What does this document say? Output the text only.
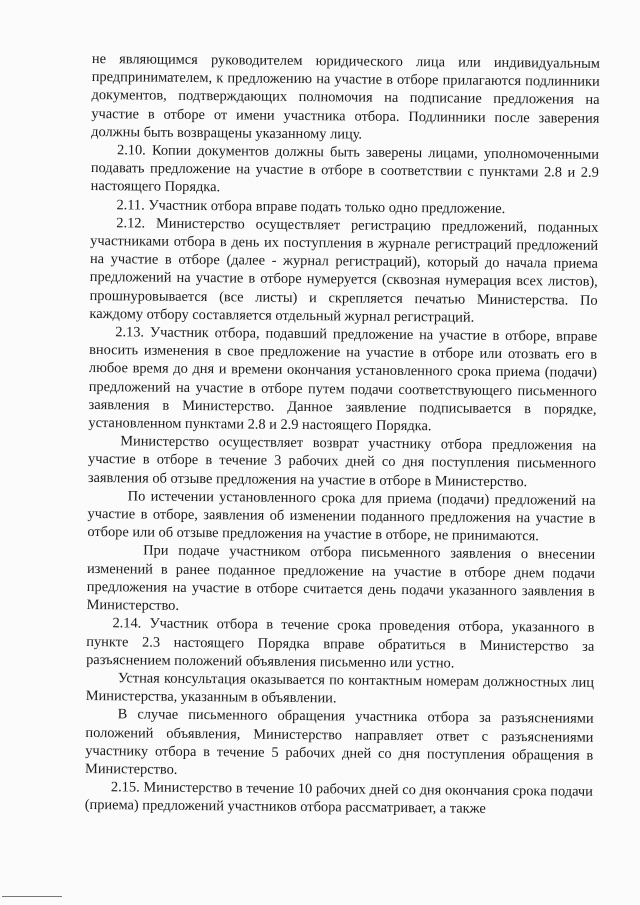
не являющимся руководителем юридического лица или индивидуальным предпринимателем, к предложению на участие в отборе прилагаются подлинники документов, подтверждающих полномочия на подписание предложения на участие в отборе от имени участника отбора. Подлинники после заверения должны быть возвращены указанному лицу.

2.10. Копии документов должны быть заверены лицами, уполномоченными подавать предложение на участие в отборе в соответствии с пунктами 2.8 и 2.9 настоящего Порядка.

2.11. Участник отбора вправе подать только одно предложение.

2.12. Министерство осуществляет регистрацию предложений, поданных участниками отбора в день их поступления в журнале регистраций предложений на участие в отборе (далее - журнал регистраций), который до начала приема предложений на участие в отборе нумеруется (сквозная нумерация всех листов), прошнуровывается (все листы) и скрепляется печатью Министерства. По каждому отбору составляется отдельный журнал регистраций.

2.13. Участник отбора, подавший предложение на участие в отборе, вправе вносить изменения в свое предложение на участие в отборе или отозвать его в любое время до дня и времени окончания установленного срока приема (подачи) предложений на участие в отборе путем подачи соответствующего письменного заявления в Министерство. Данное заявление подписывается в порядке, установленном пунктами 2.8 и 2.9 настоящего Порядка.

Министерство осуществляет возврат участнику отбора предложения на участие в отборе в течение 3 рабочих дней со дня поступления письменного заявления об отзыве предложения на участие в отборе в Министерство.

По истечении установленного срока для приема (подачи) предложений на участие в отборе, заявления об изменении поданного предложения на участие в отборе или об отзыве предложения на участие в отборе, не принимаются.

При подаче участником отбора письменного заявления о внесении изменений в ранее поданное предложение на участие в отборе днем подачи предложения на участие в отборе считается день подачи указанного заявления в Министерство.

2.14. Участник отбора в течение срока проведения отбора, указанного в пункте 2.3 настоящего Порядка вправе обратиться в Министерство за разъяснением положений объявления письменно или устно.

Устная консультация оказывается по контактным номерам должностных лиц Министерства, указанным в объявлении.

В случае письменного обращения участника отбора за разъяснениями положений объявления, Министерство направляет ответ с разъяснениями участнику отбора в течение 5 рабочих дней со дня поступления обращения в Министерство.

2.15. Министерство в течение 10 рабочих дней со дня окончания срока подачи (приема) предложений участников отбора рассматривает, а также
